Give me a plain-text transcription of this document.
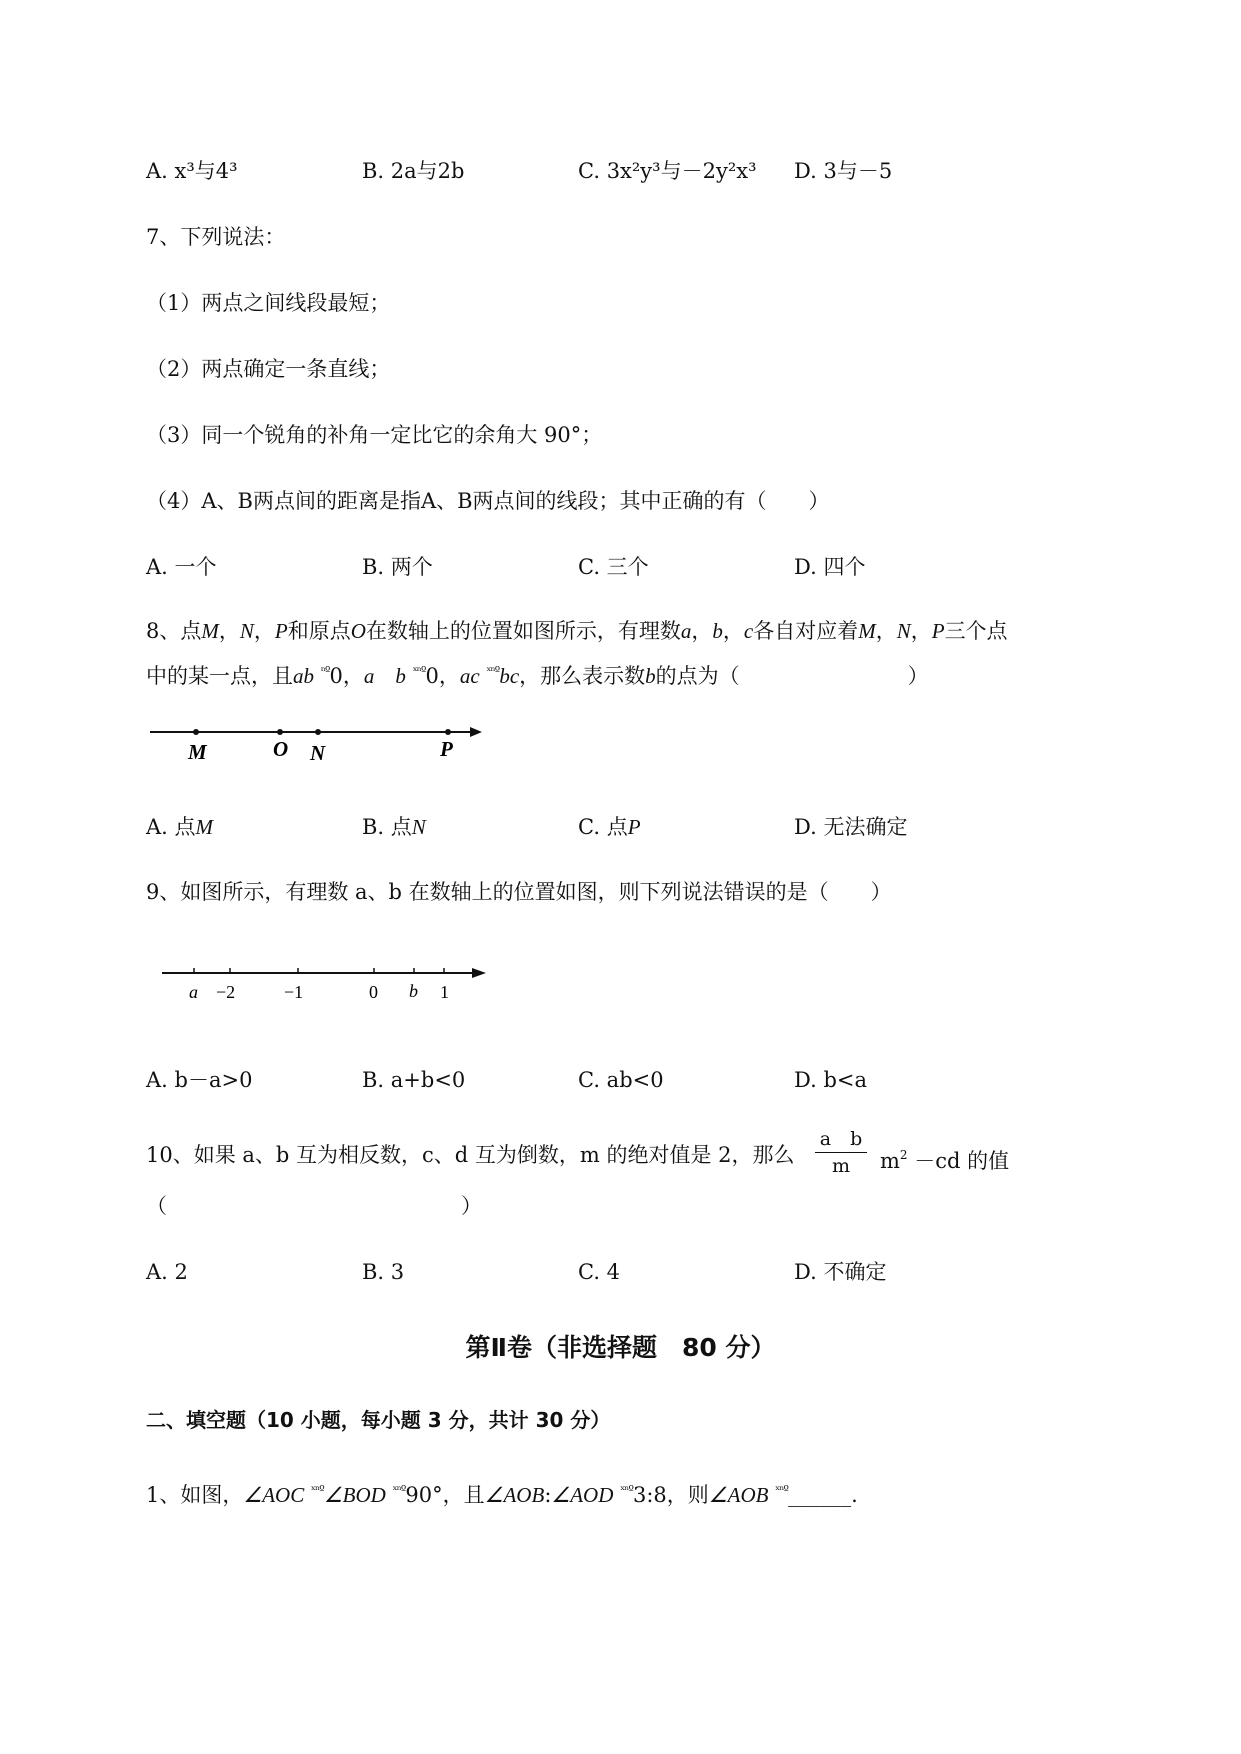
A. x³与4³	B. 2a与2b	C. 3x²y³与－2y²x³ D. 3与－5
7、下列说法：
（1）两点之间线段最短；
（2）两点确定一条直线；
（3）同一个锐角的补角一定比它的余角大 90°；
（4）A、B两点间的距离是指A、B两点间的线段；其中正确的有（　　）
A. 一个	B. 两个	C. 三个	D. 四个
8、点M，N，P和原点O在数轴上的位置如图所示，有理数a，b，c各自对应着M，N，P三个点
中的某一点，且ab $^{^nº}$0，a　 b $^{ˣ^nº}$0，ac $^{ˣ^nº}$bc，那么表示数b的点为（　　　　　　　　）
M	O N	P
A. 点M	B. 点N	C. 点P	D. 无法确定
9、如图所示，有理数 a、b 在数轴上的位置如图，则下列说法错误的是（　　）
a −2	−1	0 b 1
A. b－a>0	B. a+b<0	C. ab<0	D. b<a
10、如果 a、b 互为相反数，c、d 互为倒数，m 的绝对值是 2，那么 $\frac{\text{a　b}}{m} m^2 -cd$ 的值
（　　　　　　　　　　　　　　）
A. 2	B. 3	C. 4	D. 不确定
第Ⅱ卷（非选择题　80 分）
二、填空题（10 小题，每小题 3 分，共计 30 分）
1、如图，∠AOC $^{ˣ^nº}$∠BOD $^{ˣ^nº}$90°，且∠AOB:∠AOD $^{ˣ^nº}$3:8，则∠AOB $^{ˣ^nº}$______.
